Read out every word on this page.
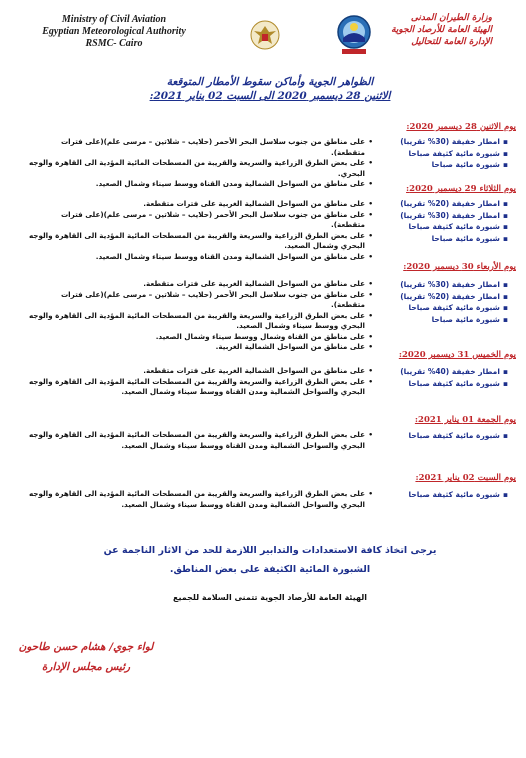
Ministry of Civil Aviation
Egyptian Meteorological Authority
RSMC- Cairo
وزارة الطيران المدنى
الهيئة العامة للأرصاد الجوية
الإدارة العامة للتحاليل
الظواهر الجوية وأماكن سقوط الأمطار المتوقعة
الاثنين 28 ديسمبر 2020 الى السبت 02 يناير 2021:
يوم الاثنين 28 ديسمبر 2020:
▪ امطار خفيفة (30% تقريبا)
▪ شبورة مائية كثيفة صباحا
▪ شبورة مائية صباحا
• على مناطق من جنوب سلاسل البحر الأحمر (حلايب – شلاتين – مرسى علم)(على فترات متقطعة).
• على بعض الطرق الزراعية والسريعة والقريبة من المسطحات المائية المؤدية الى القاهرة والوجه البحري.
• على مناطق من السواحل الشمالية ومدن القناة ووسط سيناء وشمال الصعيد.
يوم الثلاثاء 29 ديسمبر 2020:
▪ امطار خفيفة (20% تقريبا)
▪ امطار خفيفة (30% تقريبا)
▪ شبورة مائية كثيفة صباحا
▪ شبورة مائية صباحا
• على مناطق من السواحل الشمالية الغربية على فترات متقطعة.
• على مناطق من جنوب سلاسل البحر الأحمر (حلايب – شلاتين – مرسى علم)(على فترات متقطعة).
• على بعض الطرق الزراعية والسريعة والقريبة من المسطحات المائية المؤدية الى القاهرة والوجه البحري وشمال الصعيد.
• على مناطق من السواحل الشمالية ومدن القناة ووسط سيناء وشمال الصعيد.
يوم الأربعاء 30 ديسمبر 2020:
▪ امطار خفيفة (30% تقريبا)
▪ امطار خفيفة (20% تقريبا)
▪ شبورة مائية كثيفة صباحا
▪ شبورة مائية صباحا
• على مناطق من السواحل الشمالية الغربية على فترات متقطعة.
• على مناطق من جنوب سلاسل البحر الأحمر (حلايب – شلاتين – مرسى علم)(على فترات متقطعة).
• على بعض الطرق الزراعية والسريعة والقريبة من المسطحات المائية المؤدية الى القاهرة والوجه البحري ووسط سيناء وشمال الصعيد.
• على مناطق من القناة وشمال ووسط سيناء وشمال الصعيد.
• على مناطق من السواحل الشمالية الغربية.
يوم الخميس 31 ديسمبر 2020:
▪ امطار خفيفة (40% تقريبا)
▪ شبورة مائية كثيفة صباحا
• على مناطق من السواحل الشمالية الغربية على فترات متقطعة.
• على بعض الطرق الزراعية والسريعة والقريبة من المسطحات المائية المؤدية الى القاهرة والوجه البحري والسواحل الشمالية ومدن القناة ووسط سيناء وشمال الصعيد.
يوم الجمعة 01 يناير 2021:
▪ شبورة مائية كثيفة صباحا
• على بعض الطرق الزراعية والسريعة والقريبة من المسطحات المائية المؤدية الى القاهرة والوجه البحري والسواحل الشمالية ومدن القناة ووسط سيناء وشمال الصعيد.
يوم السبت 02 يناير 2021:
▪ شبورة مائية كثيفة صباحا
• على بعض الطرق الزراعية والسريعة والقريبة من المسطحات المائية المؤدية الى القاهرة والوجه البحري والسواحل الشمالية ومدن القناة ووسط سيناء وشمال الصعيد.
يرجى اتخاذ كافة الاستعدادات والتدابير اللازمة للحد من الاثار الناجمة عن
الشبورة المائية الكثيفة على بعض المناطق.
الهيئة العامة للأرصاد الجوية تتمنى السلامة للجميع
لواء جوي/ هشام حسن طاحون
رئيس مجلس الإدارة
